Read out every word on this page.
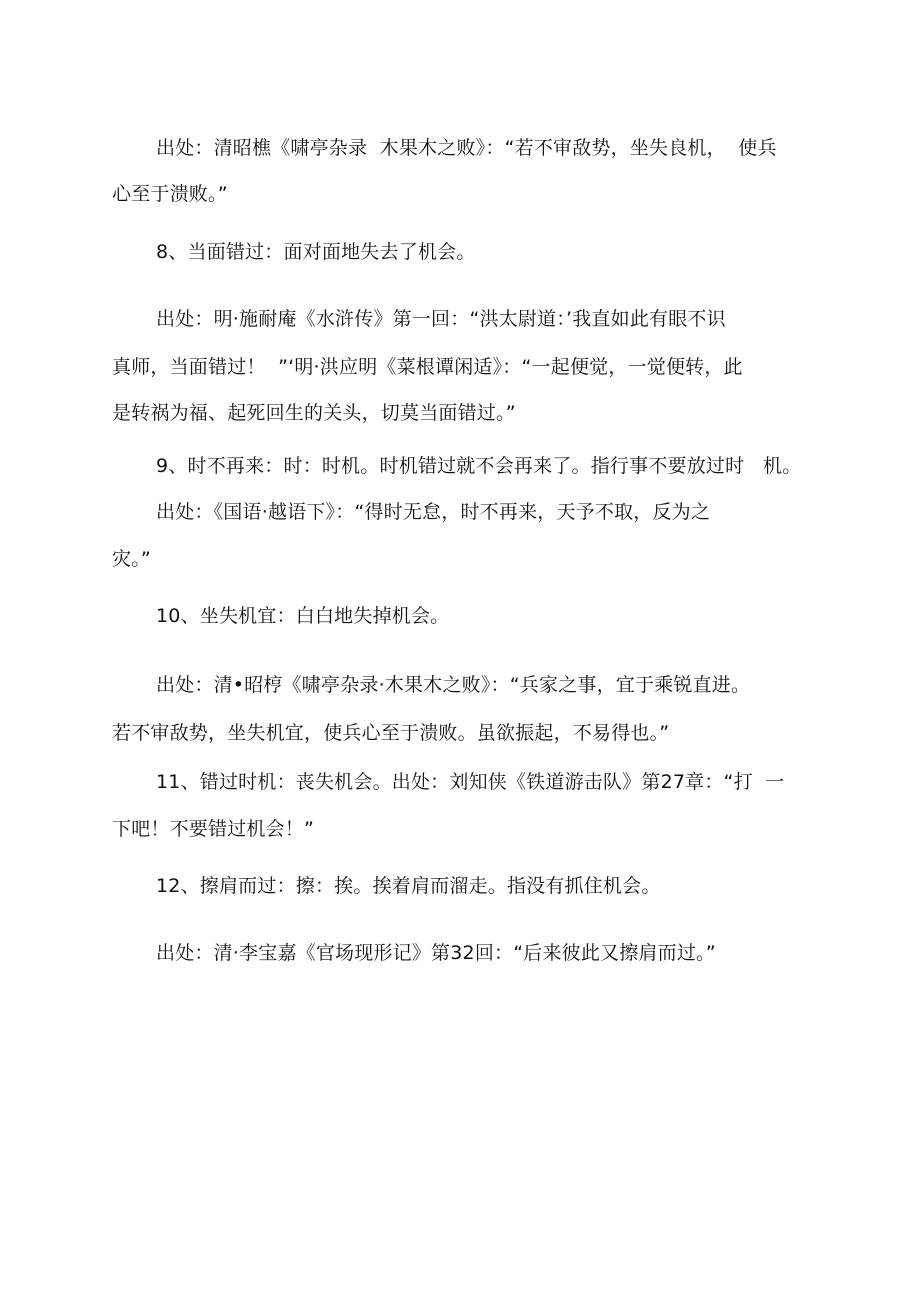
出处：清昭樵《啸亭杂录  木果木之败》：“若不审敌势，坐失良机，  使兵
心至于溃败。”
8、当面错过：面对面地失去了机会。
出处：明·施耐庵《水浒传》第一回：“洪太尉道：’我直如此有眼不识
真师，当面错过！  ”‘明·洪应明《菜根谭闲适》：“一起便觉，一觉便转，此
是转祸为福、起死回生的关头，切莫当面错过。”
9、时不再来：时：时机。时机错过就不会再来了。指行事不要放过时   机。
出处：《国语·越语下》：“得时无怠，时不再来，天予不取，反为之
灾。”
10、坐失机宜：白白地失掉机会。
出处：清•昭梈《啸亭杂录·木果木之败》：“兵家之事，宜于乘锐直进。
若不审敌势，坐失机宜，使兵心至于溃败。虽欲振起，不易得也。”
11、错过时机：丧失机会。出处：刘知侠《铁道游击队》第27章：“打  一
下吧！不要错过机会！”
12、擦肩而过：擦：挨。挨着肩而溜走。指没有抓住机会。
出处：清·李宝嘉《官场现形记》第32回：“后来彼此又擦肩而过。”
